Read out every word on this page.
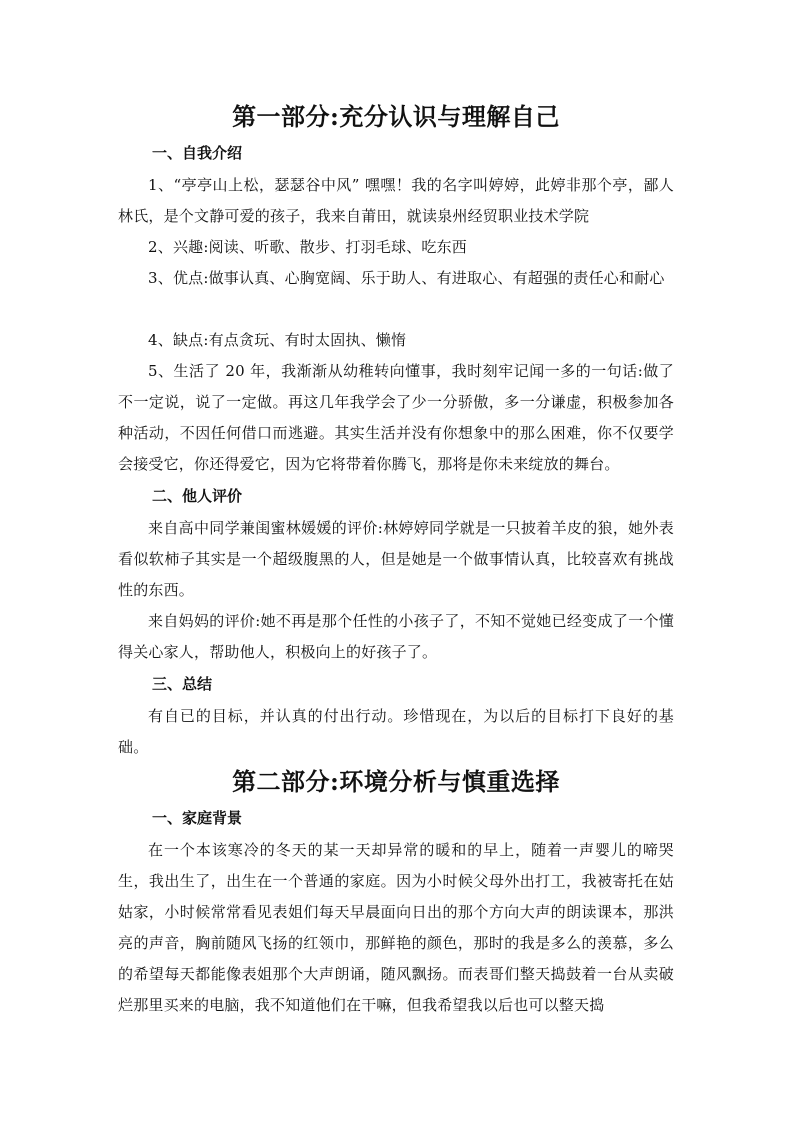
第一部分:充分认识与理解自己
一、自我介绍

1、“亭亭山上松，瑟瑟谷中风” 嘿嘿！我的名字叫婷婷，此婷非那个亭，鄙人林氏，是个文静可爱的孩子，我来自莆田，就读泉州经贸职业技术学院

2、兴趣:阅读、听歌、散步、打羽毛球、吃东西

3、优点:做事认真、心胸宽阔、乐于助人、有进取心、有超强的责任心和耐心

4、缺点:有点贪玩、有时太固执、懒惰

5、生活了 20 年，我渐渐从幼稚转向懂事，我时刻牢记闻一多的一句话:做了不一定说，说了一定做。再这几年我学会了少一分骄傲，多一分谦虚，积极参加各种活动，不因任何借口而逃避。其实生活并没有你想象中的那么困难，你不仅要学会接受它，你还得爱它，因为它将带着你腾飞，那将是你未来绽放的舞台。

二、他人评价

来自高中同学兼闺蜜林媛媛的评价:林婷婷同学就是一只披着羊皮的狼，她外表看似软柿子其实是一个超级腹黑的人，但是她是一个做事情认真，比较喜欢有挑战性的东西。

来自妈妈的评价:她不再是那个任性的小孩子了，不知不觉她已经变成了一个懂得关心家人，帮助他人，积极向上的好孩子了。

三、总结

有自已的目标，并认真的付出行动。珍惜现在，为以后的目标打下良好的基础。

第二部分:环境分析与慎重选择
一、家庭背景

在一个本该寒冷的冬天的某一天却异常的暖和的早上，随着一声婴儿的啼哭生，我出生了，出生在一个普通的家庭。因为小时候父母外出打工，我被寄托在姑姑家，小时候常常看见表姐们每天早晨面向日出的那个方向大声的朗读课本，那洪亮的声音，胸前随风飞扬的红领巾，那鲜艳的颜色，那时的我是多么的羡慕，多么的希望每天都能像表姐那个大声朗诵，随风飘扬。而表哥们整天捣鼓着一台从卖破烂那里买来的电脑，我不知道他们在干嘛，但我希望我以后也可以整天捣
